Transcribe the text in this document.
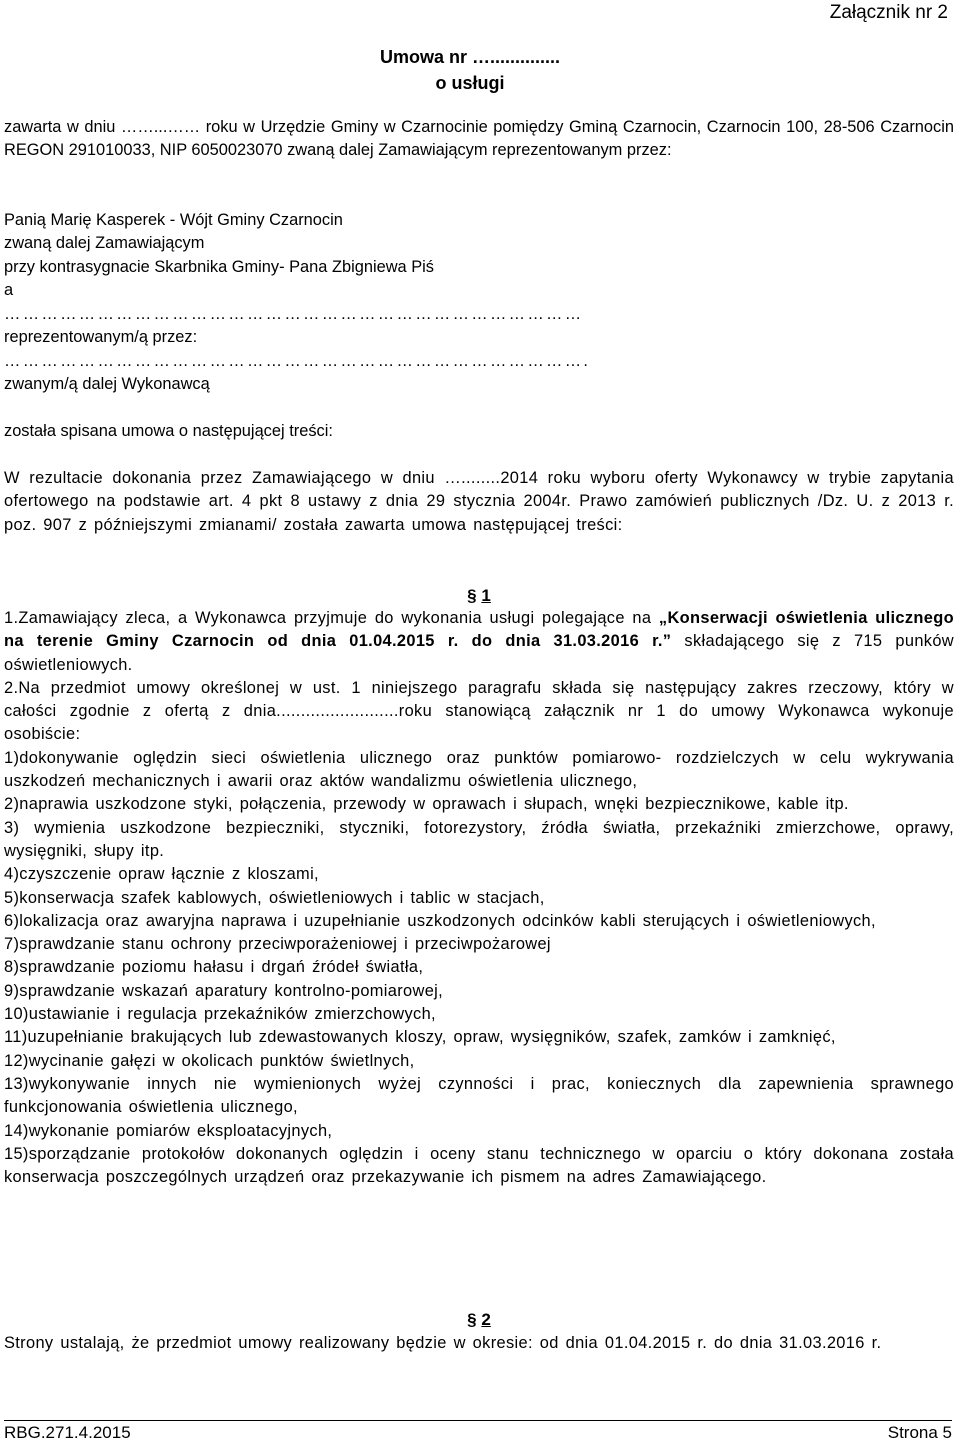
Załącznik nr 2
Umowa nr …..............
o usługi
zawarta w dniu ……...…… roku w Urzędzie Gminy w Czarnocinie pomiędzy Gminą Czarnocin, Czarnocin 100, 28-506 Czarnocin REGON 291010033, NIP 6050023070 zwaną dalej Zamawiającym reprezentowanym przez:

Panią Marię Kasperek - Wójt Gminy Czarnocin

zwaną dalej Zamawiającym

przy kontrasygnacie Skarbnika Gminy- Pana Zbigniewa Piś

a

…………………………………………………………………………………

reprezentowanym/ą przez:

………………………………………………………………………………….

zwanym/ą dalej Wykonawcą

została spisana umowa o następującej treści:
W rezultacie dokonania przez Zamawiającego w dniu …........2014 roku wyboru oferty Wykonawcy w trybie zapytania ofertowego na podstawie art. 4 pkt 8 ustawy z dnia 29 stycznia 2004r. Prawo zamówień publicznych /Dz. U. z 2013 r. poz. 907 z późniejszymi zmianami/ została zawarta umowa następującej treści:
§ 1

1.Zamawiający zleca, a Wykonawca przyjmuje do wykonania usługi polegające na „Konserwacji oświetlenia ulicznego na terenie Gminy Czarnocin od dnia 01.04.2015 r. do dnia 31.03.2016 r.” składającego się z 715 punków oświetleniowych.

2.Na przedmiot umowy określonej w ust. 1 niniejszego paragrafu składa się następujący zakres rzeczowy, który w całości zgodnie z ofertą z dnia.........................roku stanowiącą załącznik nr 1 do umowy Wykonawca wykonuje osobiście:

1)dokonywanie oględzin sieci oświetlenia ulicznego oraz punktów pomiarowo- rozdzielczych w celu wykrywania uszkodzeń mechanicznych i awarii oraz aktów wandalizmu oświetlenia ulicznego,

2)naprawia uszkodzone styki, połączenia, przewody w oprawach i słupach, wnęki bezpiecznikowe, kable itp.

3) wymienia uszkodzone bezpieczniki, styczniki, fotorezystory, źródła światła, przekaźniki zmierzchowe, oprawy, wysięgniki, słupy itp.

4)czyszczenie opraw łącznie z kloszami,

5)konserwacja szafek kablowych, oświetleniowych i tablic w stacjach,

6)lokalizacja oraz awaryjna naprawa i uzupełnianie uszkodzonych odcinków kabli sterujących i oświetleniowych,

7)sprawdzanie stanu ochrony przeciwporażeniowej i przeciwpożarowej

8)sprawdzanie poziomu hałasu i drgań źródeł światła,

9)sprawdzanie wskazań aparatury kontrolno-pomiarowej,

10)ustawianie i regulacja przekaźników zmierzchowych,

11)uzupełnianie brakujących lub zdewastowanych kloszy, opraw, wysięgników, szafek, zamków i zamknięć,

12)wycinanie gałęzi w okolicach punktów świetlnych,

13)wykonywanie innych nie wymienionych wyżej czynności i prac, koniecznych dla zapewnienia sprawnego funkcjonowania oświetlenia ulicznego,

14)wykonanie pomiarów eksploatacyjnych,

15)sporządzanie protokołów dokonanych oględzin i oceny stanu technicznego w oparciu o który dokonana została konserwacja poszczególnych urządzeń oraz przekazywanie ich pismem na adres Zamawiającego.

§ 2
Strony ustalają, że przedmiot umowy realizowany będzie w okresie: od dnia 01.04.2015 r. do dnia 31.03.2016 r.
RBG.271.4.2015	Strona 5
